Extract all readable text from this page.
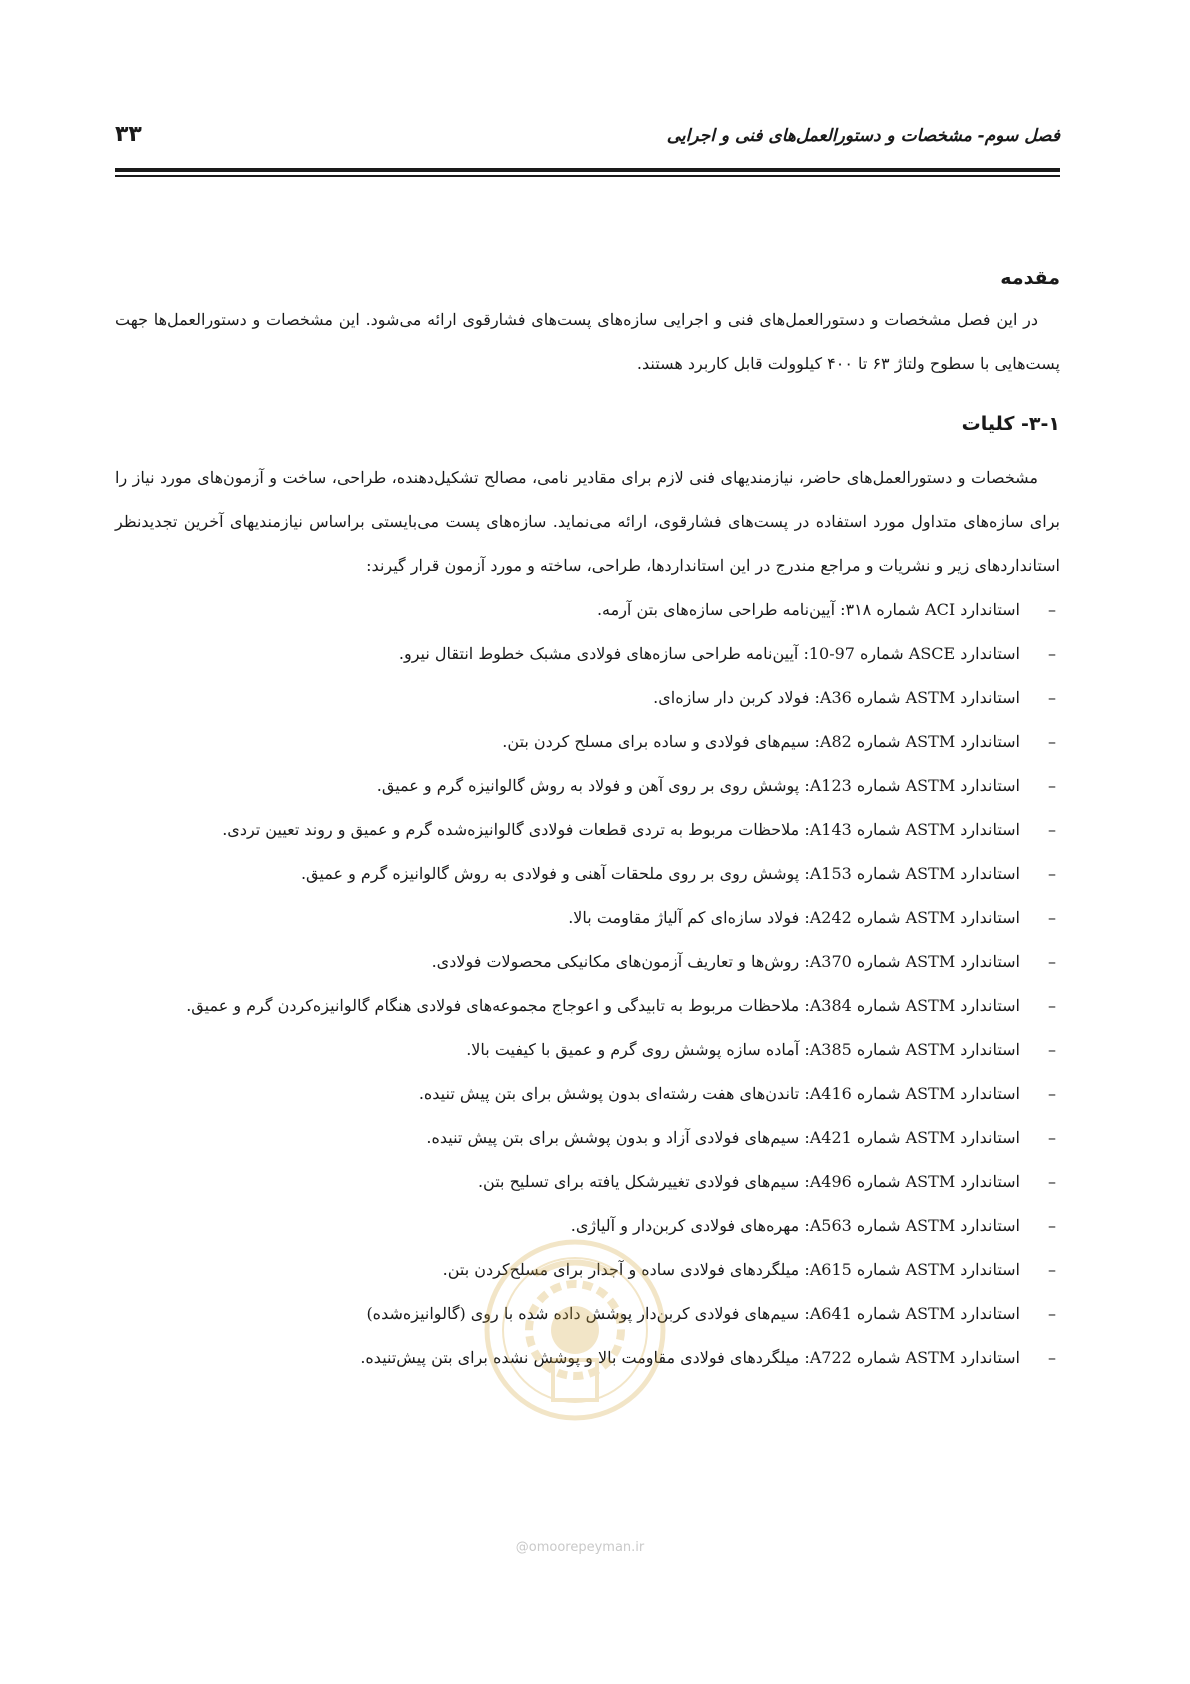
فصل سوم- مشخصات و دستورالعمل‌های فنی و اجرایی
۳۳
مقدمه

در این فصل مشخصات و دستورالعمل‌های فنی و اجرایی سازه‌های پست‌های فشارقوی ارائه می‌شود. این مشخصات و دستورالعمل‌ها جهت پست‌هایی با سطوح ولتاژ ۶۳ تا ۴۰۰ کیلوولت قابل کاربرد هستند.

۳-۱- کلیات

مشخصات و دستورالعمل‌های حاضر، نیازمندیهای فنی لازم برای مقادیر نامی، مصالح تشکیل‌دهنده، طراحی، ساخت و آزمون‌های مورد نیاز را برای سازه‌های متداول مورد استفاده در پست‌های فشارقوی، ارائه می‌نماید. سازه‌های پست می‌بایستی براساس نیازمندیهای آخرین تجدیدنظر استانداردهای زیر و نشریات و مراجع مندرج در این استانداردها، طراحی، ساخته و مورد آزمون قرار گیرند:

–
استاندارد ACI شماره ۳۱۸: آیین‌نامه طراحی سازه‌های بتن آرمه.
–
استاندارد ASCE شماره 97-10: آیین‌نامه طراحی سازه‌های فولادی مشبک خطوط انتقال نیرو.
–
استاندارد ASTM شماره A36: فولاد کربن دار سازه‌ای.
–
استاندارد ASTM شماره A82: سیم‌های فولادی و ساده برای مسلح کردن بتن.
–
استاندارد ASTM شماره A123: پوشش روی بر روی آهن و فولاد به روش گالوانیزه گرم و عمیق.
–
استاندارد ASTM شماره A143: ملاحظات مربوط به تردی قطعات فولادی گالوانیزه‌شده گرم و عمیق و روند تعیین تردی.
–
استاندارد ASTM شماره A153: پوشش روی بر روی ملحقات آهنی و فولادی به روش گالوانیزه گرم و عمیق.
–
استاندارد ASTM شماره A242: فولاد سازه‌ای کم آلیاژ مقاومت بالا.
–
استاندارد ASTM شماره A370: روش‌ها و تعاریف آزمون‌های مکانیکی محصولات فولادی.
–
استاندارد ASTM شماره A384: ملاحظات مربوط به تابیدگی و اعوجاج مجموعه‌های فولادی هنگام گالوانیزه‌کردن گرم و عمیق.
–
استاندارد ASTM شماره A385: آماده سازه پوشش روی گرم و عمیق با کیفیت بالا.
–
استاندارد ASTM شماره A416: تاندن‌های هفت رشته‌ای بدون پوشش برای بتن پیش تنیده.
–
استاندارد ASTM شماره A421: سیم‌های فولادی آزاد و بدون پوشش برای بتن پیش تنیده.
–
استاندارد ASTM شماره A496: سیم‌های فولادی تغییرشکل یافته برای تسلیح بتن.
–
استاندارد ASTM شماره A563: مهره‌های فولادی کربن‌دار و آلیاژی.
–
استاندارد ASTM شماره A615: میلگردهای فولادی ساده و آجدار برای مسلح‌کردن بتن.
–
استاندارد ASTM شماره A641: سیم‌های فولادی کربن‌دار پوشش داده شده با روی (گالوانیزه‌شده)
–
استاندارد ASTM شماره A722: میلگردهای فولادی مقاومت بالا و پوشش نشده برای بتن پیش‌تنیده.
@omoorepeyman.ir
